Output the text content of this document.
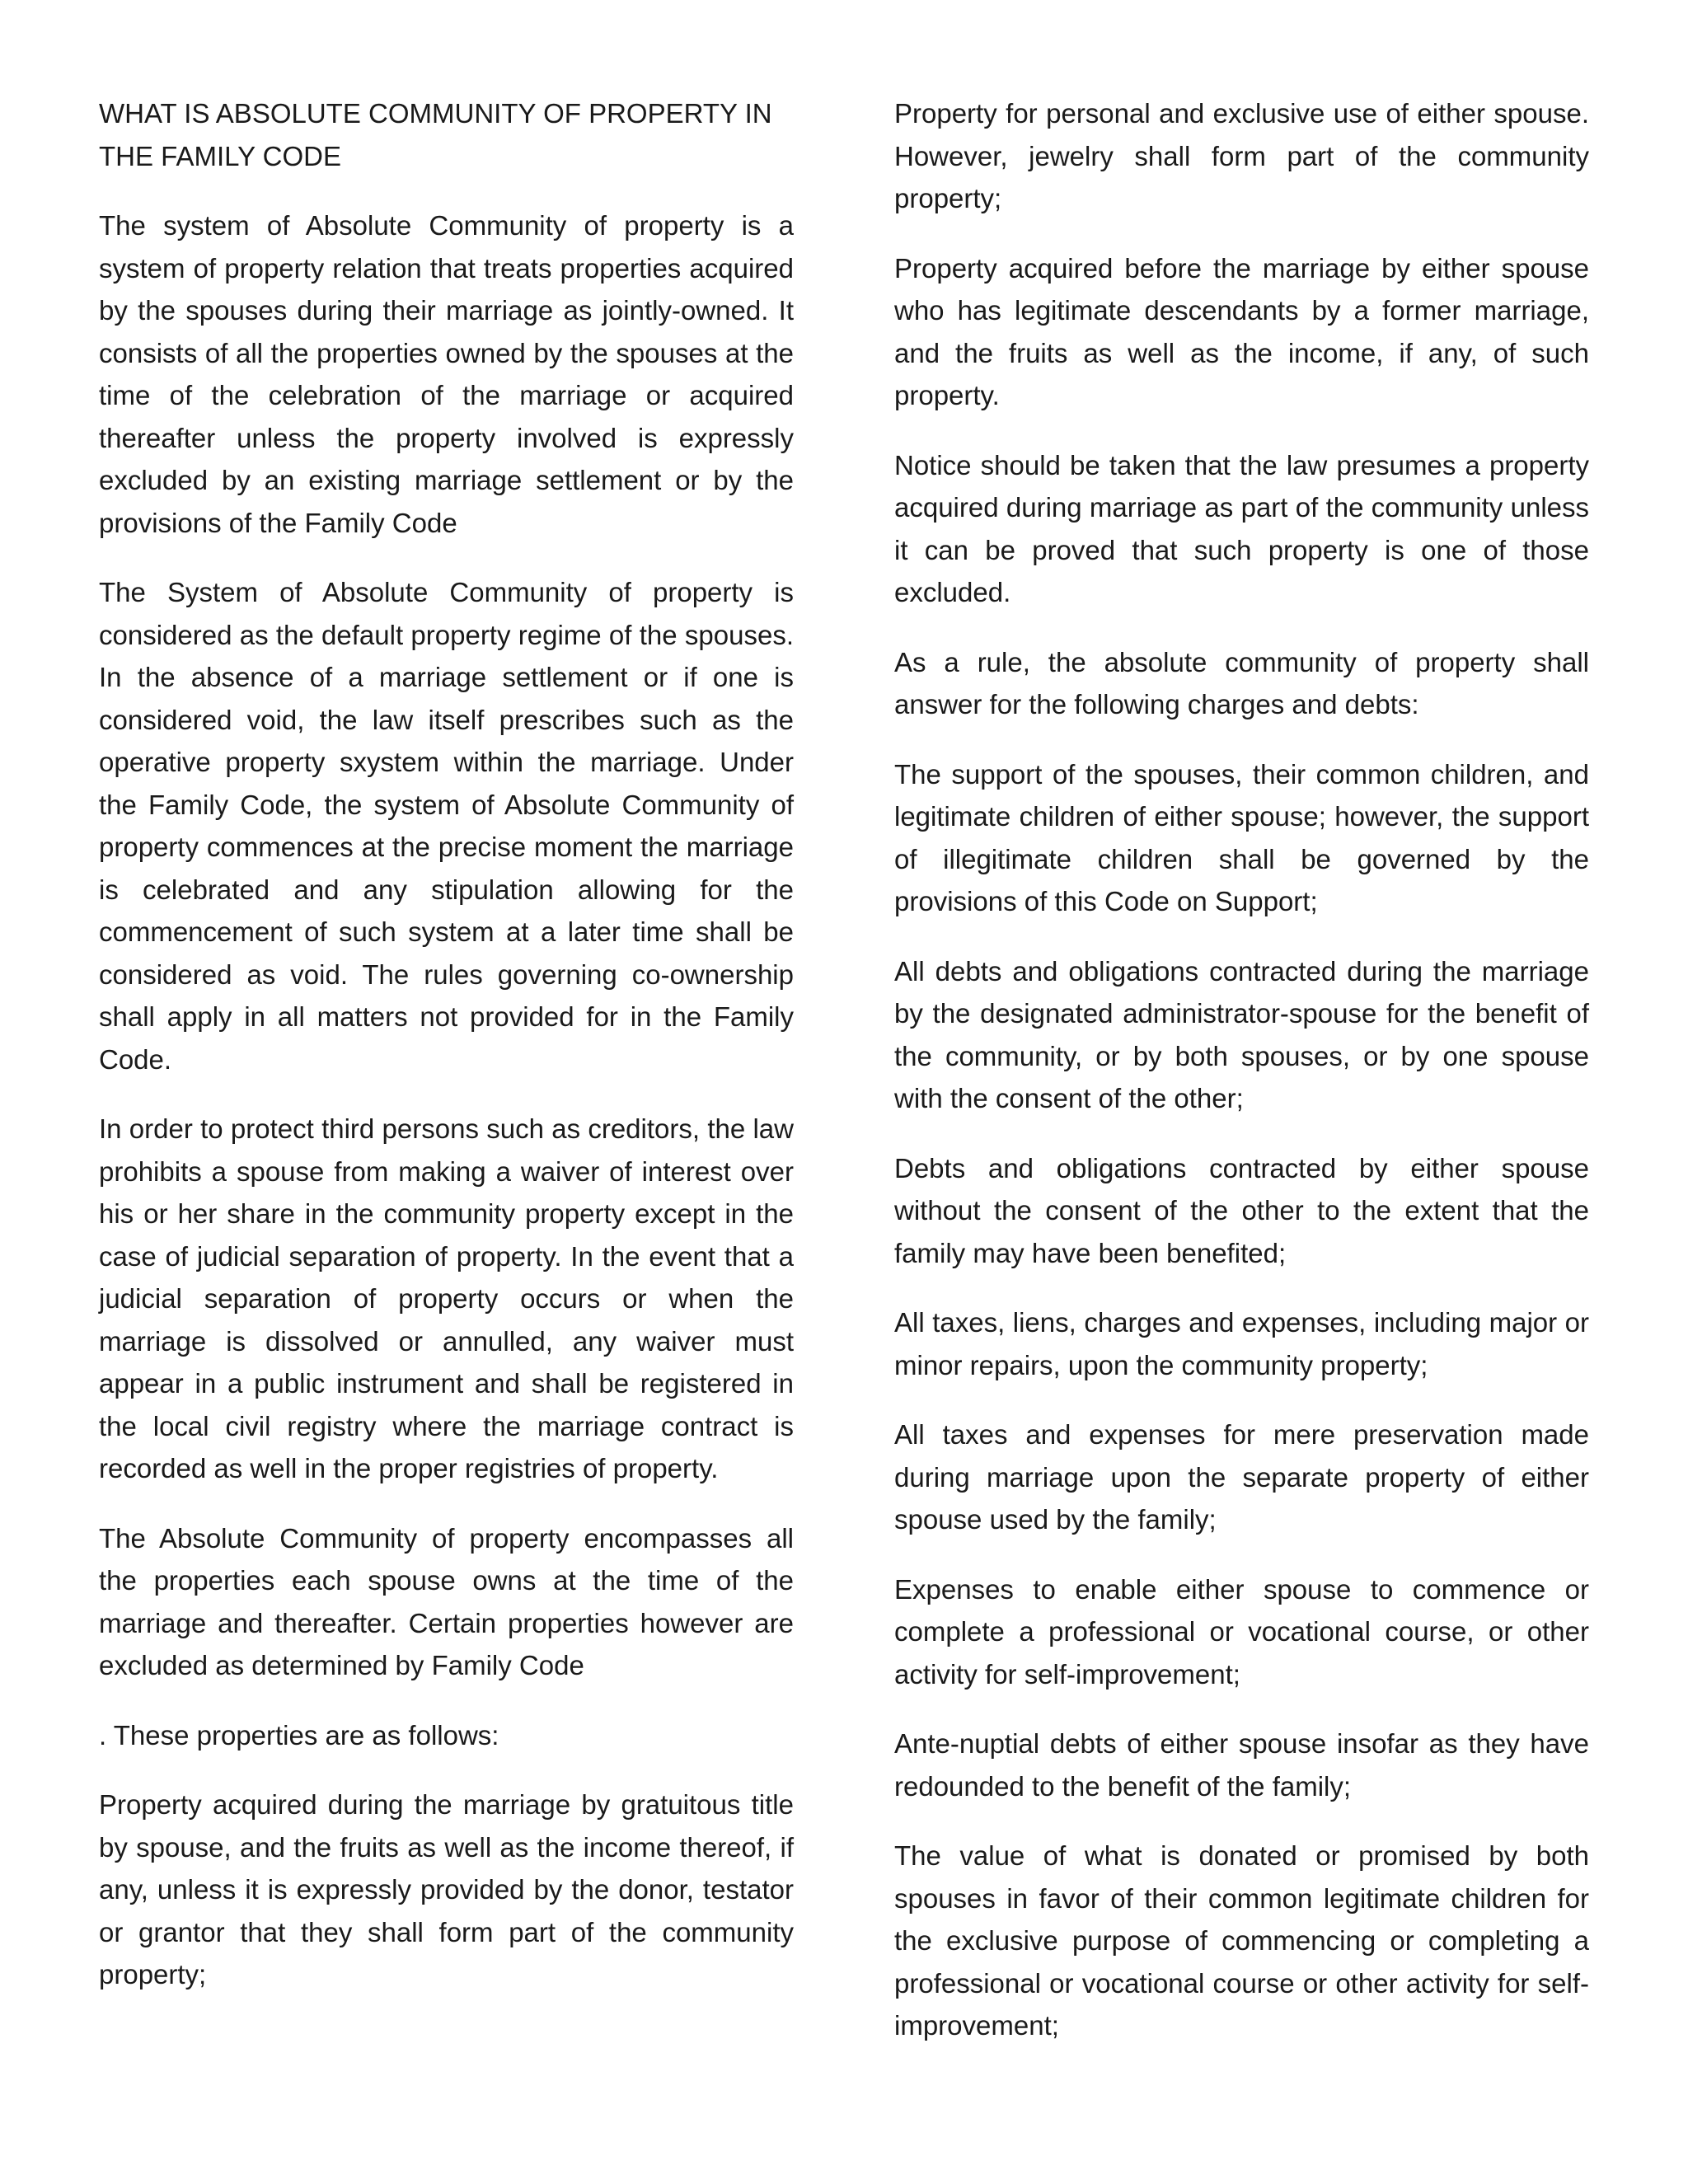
WHAT IS ABSOLUTE COMMUNITY OF PROPERTY IN THE FAMILY CODE

The system of Absolute Community of property is a system of property relation that treats properties acquired by the spouses during their marriage as jointly-owned. It consists of all the properties owned by the spouses at the time of the celebration of the marriage or acquired thereafter unless the property involved is expressly excluded by an existing marriage settlement or by the provisions of the Family Code

The System of Absolute Community of property is considered as the default property regime of the spouses. In the absence of a marriage settlement or if one is considered void, the law itself prescribes such as the operative property sxystem within the marriage. Under the Family Code, the system of Absolute Community of property commences at the precise moment the marriage is celebrated and any stipulation allowing for the commencement of such system at a later time shall be considered as void. The rules governing co-ownership shall apply in all matters not provided for in the Family Code.

In order to protect third persons such as creditors, the law prohibits a spouse from making a waiver of interest over his or her share in the community property except in the case of judicial separation of property. In the event that a judicial separation of property occurs or when the marriage is dissolved or annulled, any waiver must appear in a public instrument and shall be registered in the local civil registry where the marriage contract is recorded as well in the proper registries of property.

The Absolute Community of property encompasses all the properties each spouse owns at the time of the marriage and thereafter. Certain properties however are excluded as determined by Family Code

. These properties are as follows:

Property acquired during the marriage by gratuitous title by spouse, and the fruits as well as the income thereof, if any, unless it is expressly provided by the donor, testator or grantor that they shall form part of the community property;

Property for personal and exclusive use of either spouse. However, jewelry shall form part of the community property;

Property acquired before the marriage by either spouse who has legitimate descendants by a former marriage, and the fruits as well as the income, if any, of such property.

Notice should be taken that the law presumes a property acquired during marriage as part of the community unless it can be proved that such property is one of those excluded.

As a rule, the absolute community of property shall answer for the following charges and debts:

The support of the spouses, their common children, and legitimate children of either spouse; however, the support of illegitimate children shall be governed by the provisions of this Code on Support;

All debts and obligations contracted during the marriage by the designated administrator-spouse for the benefit of the community, or by both spouses, or by one spouse with the consent of the other;

Debts and obligations contracted by either spouse without the consent of the other to the extent that the family may have been benefited;

All taxes, liens, charges and expenses, including major or minor repairs, upon the community property;

All taxes and expenses for mere preservation made during marriage upon the separate property of either spouse used by the family;

Expenses to enable either spouse to commence or complete a professional or vocational course, or other activity for self-improvement;

Ante-nuptial debts of either spouse insofar as they have redounded to the benefit of the family;

The value of what is donated or promised by both spouses in favor of their common legitimate children for the exclusive purpose of commencing or completing a professional or vocational course or other activity for self-improvement;
